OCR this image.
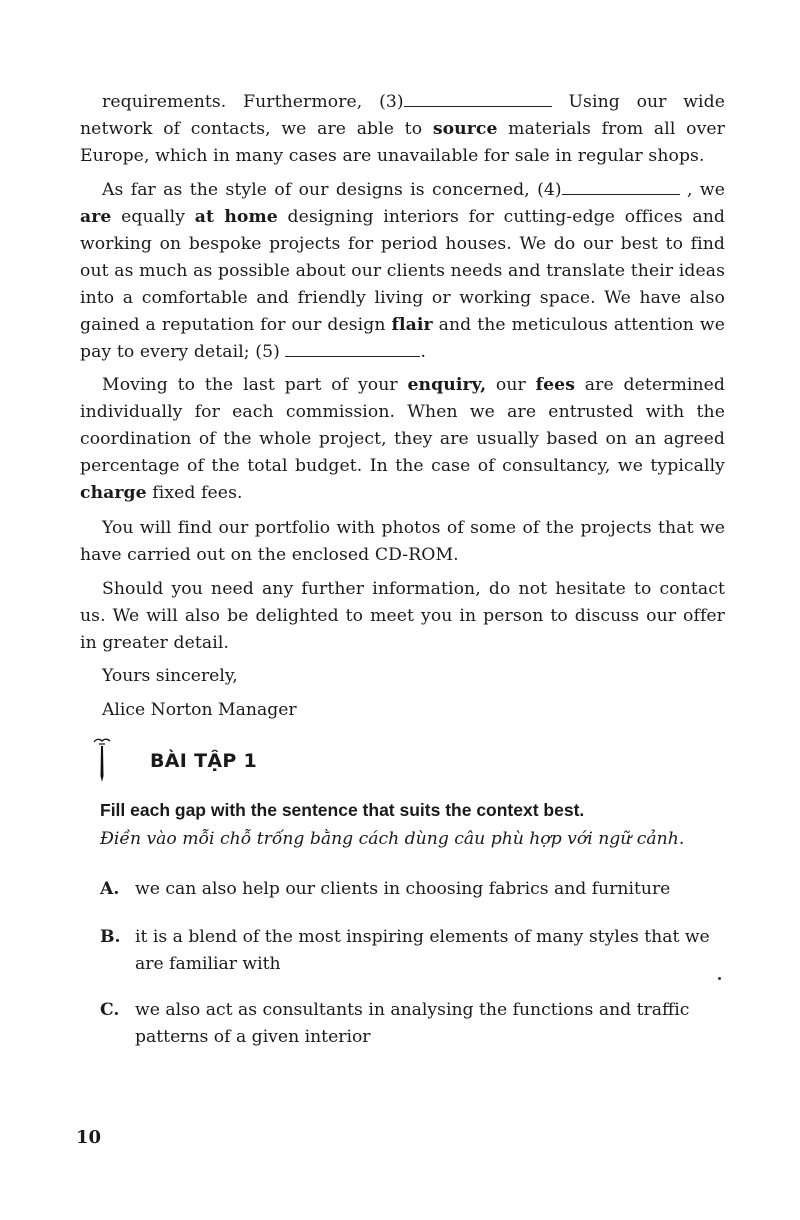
requirements. Furthermore, (3)	Using our wide network of contacts, we are able to source materials from all over Europe, which in many cases are unavailable for sale in regular shops.
As far as the style of our designs is concerned, (4)	, we are equally at home designing interiors for cutting-edge offices and working on bespoke projects for period houses. We do our best to find out as much as possible about our clients needs and translate their ideas into a comfortable and friendly living or working space. We have also gained a reputation for our design flair and the meticulous attention we pay to every detail; (5)	.
Moving to the last part of your enquiry, our fees are determined individually for each commission. When we are entrusted with the coordination of the whole project, they are usually based on an agreed percentage of the total budget. In the case of consultancy, we typically charge fixed fees.
You will find our portfolio with photos of some of the projects that we have carried out on the enclosed CD-ROM.
Should you need any further information, do not hesitate to contact us. We will also be delighted to meet you in person to discuss our offer in greater detail.
Yours sincerely,
Alice Norton Manager
BÀI TẬP 1
Fill each gap with the sentence that suits the context best.
Điền vào mỗi chỗ trống bằng cách dùng câu phù hợp với ngữ cảnh.
A. we can also help our clients in choosing fabrics and furniture
B. it is a blend of the most inspiring elements of many styles that we are familiar with
C. we also act as consultants in analysing the functions and traffic patterns of a given interior
10
